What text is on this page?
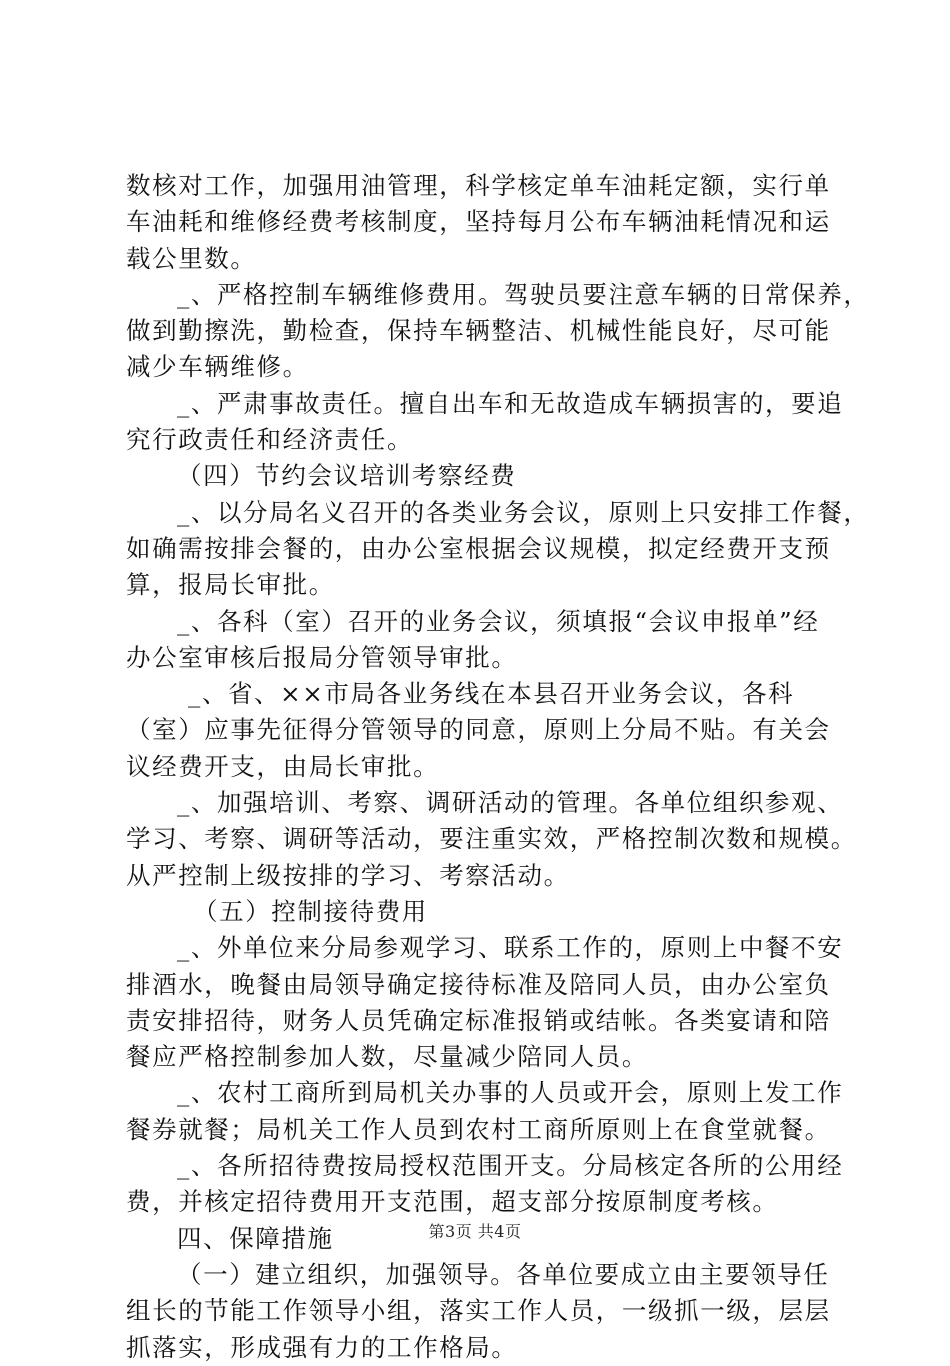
数核对工作，加强用油管理，科学核定单车油耗定额，实行单
车油耗和维修经费考核制度，坚持每月公布车辆油耗情况和运
载公里数。
_、严格控制车辆维修费用。驾驶员要注意车辆的日常保养，
做到勤擦洗，勤检查，保持车辆整洁、机械性能良好，尽可能
减少车辆维修。
_、严肃事故责任。擅自出车和无故造成车辆损害的，要追
究行政责任和经济责任。
（四）节约会议培训考察经费
_、以分局名义召开的各类业务会议，原则上只安排工作餐，
如确需按排会餐的，由办公室根据会议规模，拟定经费开支预
算，报局长审批。
_、各科（室）召开的业务会议，须填报“会议申报单”经
办公室审核后报局分管领导审批。
_、省、××市局各业务线在本县召开业务会议，各科
（室）应事先征得分管领导的同意，原则上分局不贴。有关会
议经费开支，由局长审批。
_、加强培训、考察、调研活动的管理。各单位组织参观、
学习、考察、调研等活动，要注重实效，严格控制次数和规模。
从严控制上级按排的学习、考察活动。
（五）控制接待费用
_、外单位来分局参观学习、联系工作的，原则上中餐不安
排酒水，晚餐由局领导确定接待标准及陪同人员，由办公室负
责安排招待，财务人员凭确定标准报销或结帐。各类宴请和陪
餐应严格控制参加人数，尽量减少陪同人员。
_、农村工商所到局机关办事的人员或开会，原则上发工作
餐券就餐；局机关工作人员到农村工商所原则上在食堂就餐。
_、各所招待费按局授权范围开支。分局核定各所的公用经
费，并核定招待费用开支范围，超支部分按原制度考核。
四、保障措施
（一）建立组织，加强领导。各单位要成立由主要领导任
组长的节能工作领导小组，落实工作人员，一级抓一级，层层
抓落实，形成强有力的工作格局。
第3页 共4页
